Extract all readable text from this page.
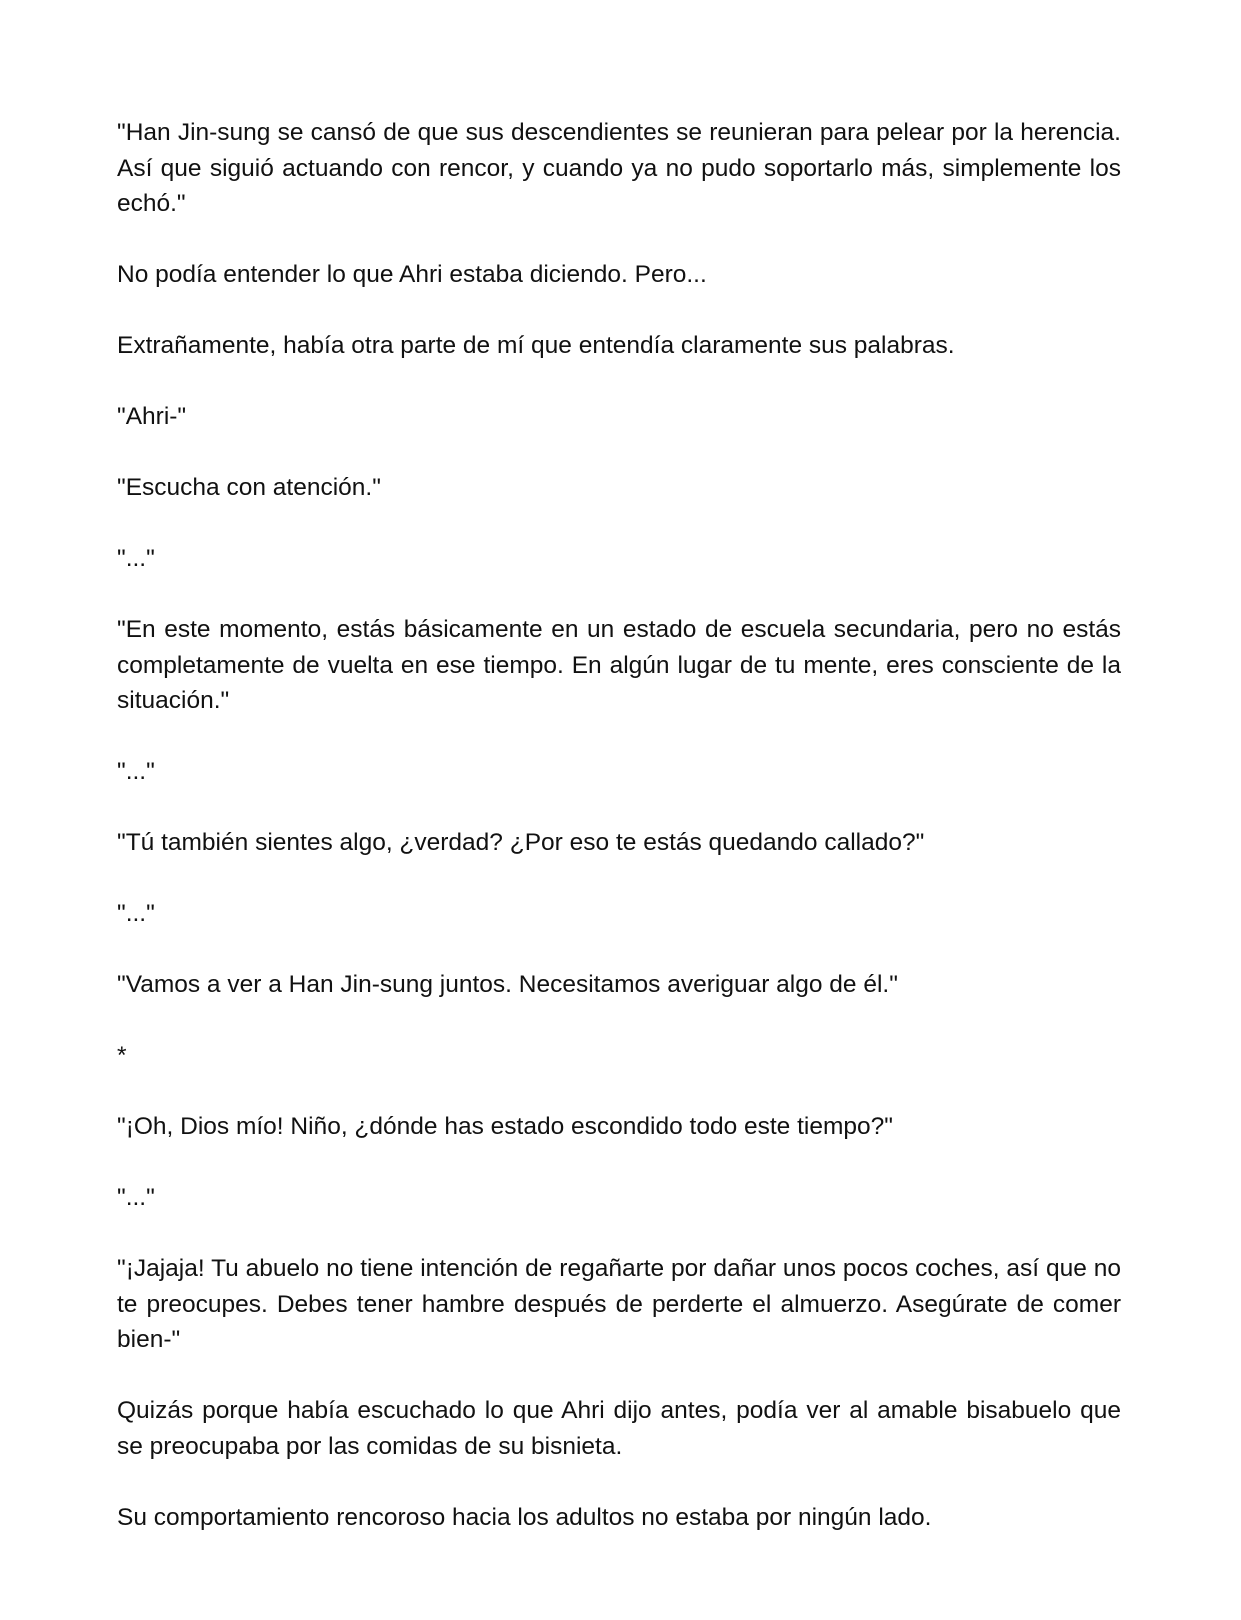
"Han Jin-sung se cansó de que sus descendientes se reunieran para pelear por la herencia. Así que siguió actuando con rencor, y cuando ya no pudo soportarlo más, simplemente los echó."

No podía entender lo que Ahri estaba diciendo. Pero...

Extrañamente, había otra parte de mí que entendía claramente sus palabras.

"Ahri-"

"Escucha con atención."

"..."

"En este momento, estás básicamente en un estado de escuela secundaria, pero no estás completamente de vuelta en ese tiempo. En algún lugar de tu mente, eres consciente de la situación."

"..."

"Tú también sientes algo, ¿verdad? ¿Por eso te estás quedando callado?"

"..."

"Vamos a ver a Han Jin-sung juntos. Necesitamos averiguar algo de él."

*

"¡Oh, Dios mío! Niño, ¿dónde has estado escondido todo este tiempo?"

"..."

"¡Jajaja! Tu abuelo no tiene intención de regañarte por dañar unos pocos coches, así que no te preocupes. Debes tener hambre después de perderte el almuerzo. Asegúrate de comer bien-"

Quizás porque había escuchado lo que Ahri dijo antes, podía ver al amable bisabuelo que se preocupaba por las comidas de su bisnieta.

Su comportamiento rencoroso hacia los adultos no estaba por ningún lado.
